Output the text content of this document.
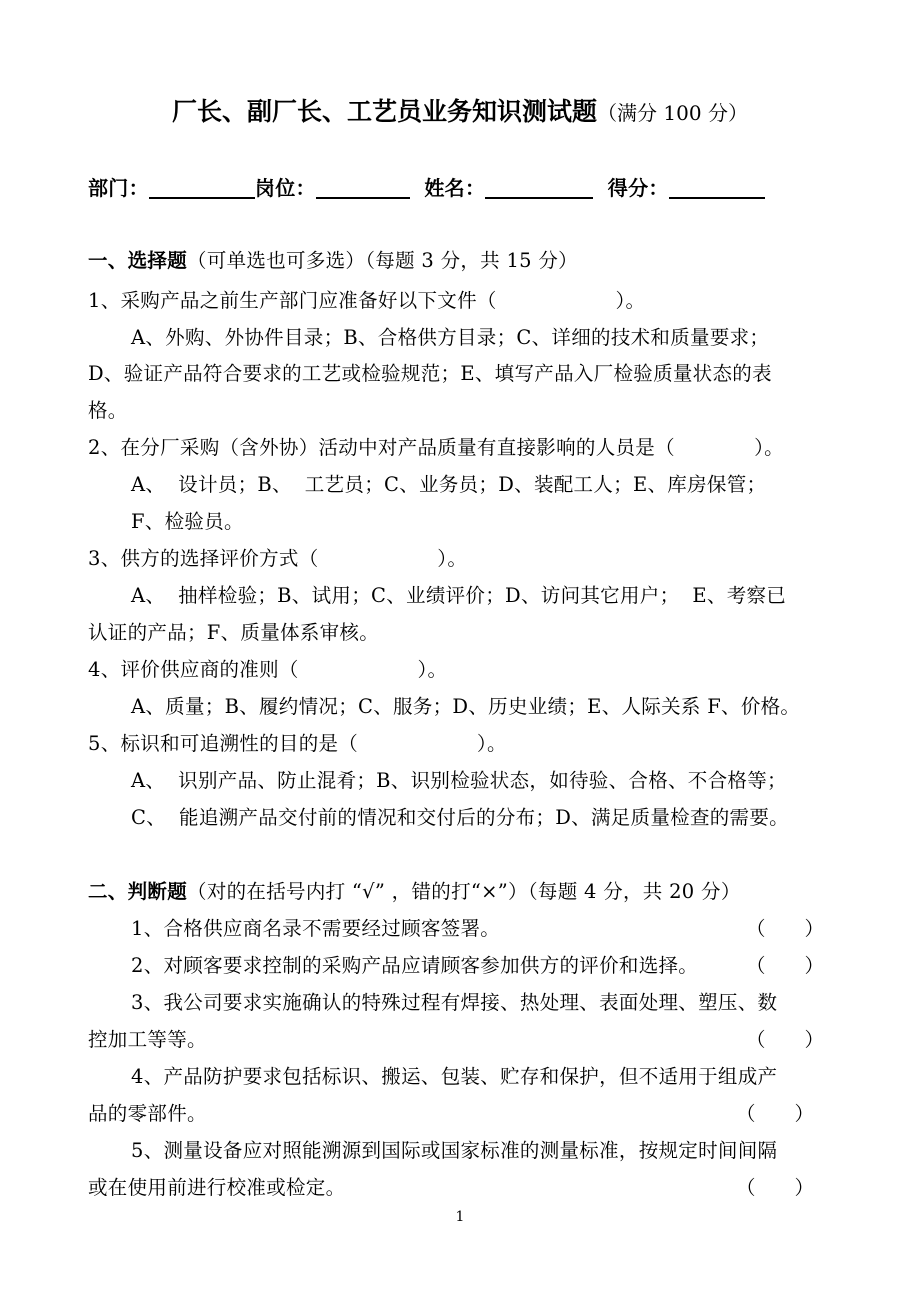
厂长、副厂长、工艺员业务知识测试题（满分 100 分）
部门：	岗位：	姓名：	得分：
一、选择题（可单选也可多选）（每题 3 分，共 15 分）
1、采购产品之前生产部门应准备好以下文件（　　　　　　）。
A、外购、外协件目录；B、合格供方目录；C、详细的技术和质量要求；
D、验证产品符合要求的工艺或检验规范；E、填写产品入厂检验质量状态的表
格。
2、在分厂采购（含外协）活动中对产品质量有直接影响的人员是（　　　　）。
A、  设计员；B、  工艺员；C、业务员；D、装配工人；E、库房保管；
F、检验员。
3、供方的选择评价方式（　　　　　　）。
A、  抽样检验；B、试用；C、业绩评价；D、访问其它用户；  E、考察已
认证的产品；F、质量体系审核。
4、评价供应商的准则（　　　　　　）。
A、质量；B、履约情况；C、服务；D、历史业绩；E、人际关系 F、价格。
5、标识和可追溯性的目的是（　　　　　　）。
A、  识别产品、防止混肴；B、识别检验状态，如待验、合格、不合格等；
C、  能追溯产品交付前的情况和交付后的分布；D、满足质量检查的需要。
二、判断题（对的在括号内打 “√” ，错的打“×”）（每题 4 分，共 20 分）
1、合格供应商名录不需要经过顾客签署。	（　　）
2、对顾客要求控制的采购产品应请顾客参加供方的评价和选择。 （　　）
3、我公司要求实施确认的特殊过程有焊接、热处理、表面处理、塑压、数
控加工等等。	（　　）
4、产品防护要求包括标识、搬运、包装、贮存和保护，但不适用于组成产
品的零部件。	（　　）
5、测量设备应对照能溯源到国际或国家标准的测量标准，按规定时间间隔
或在使用前进行校准或检定。	（　　）
1
